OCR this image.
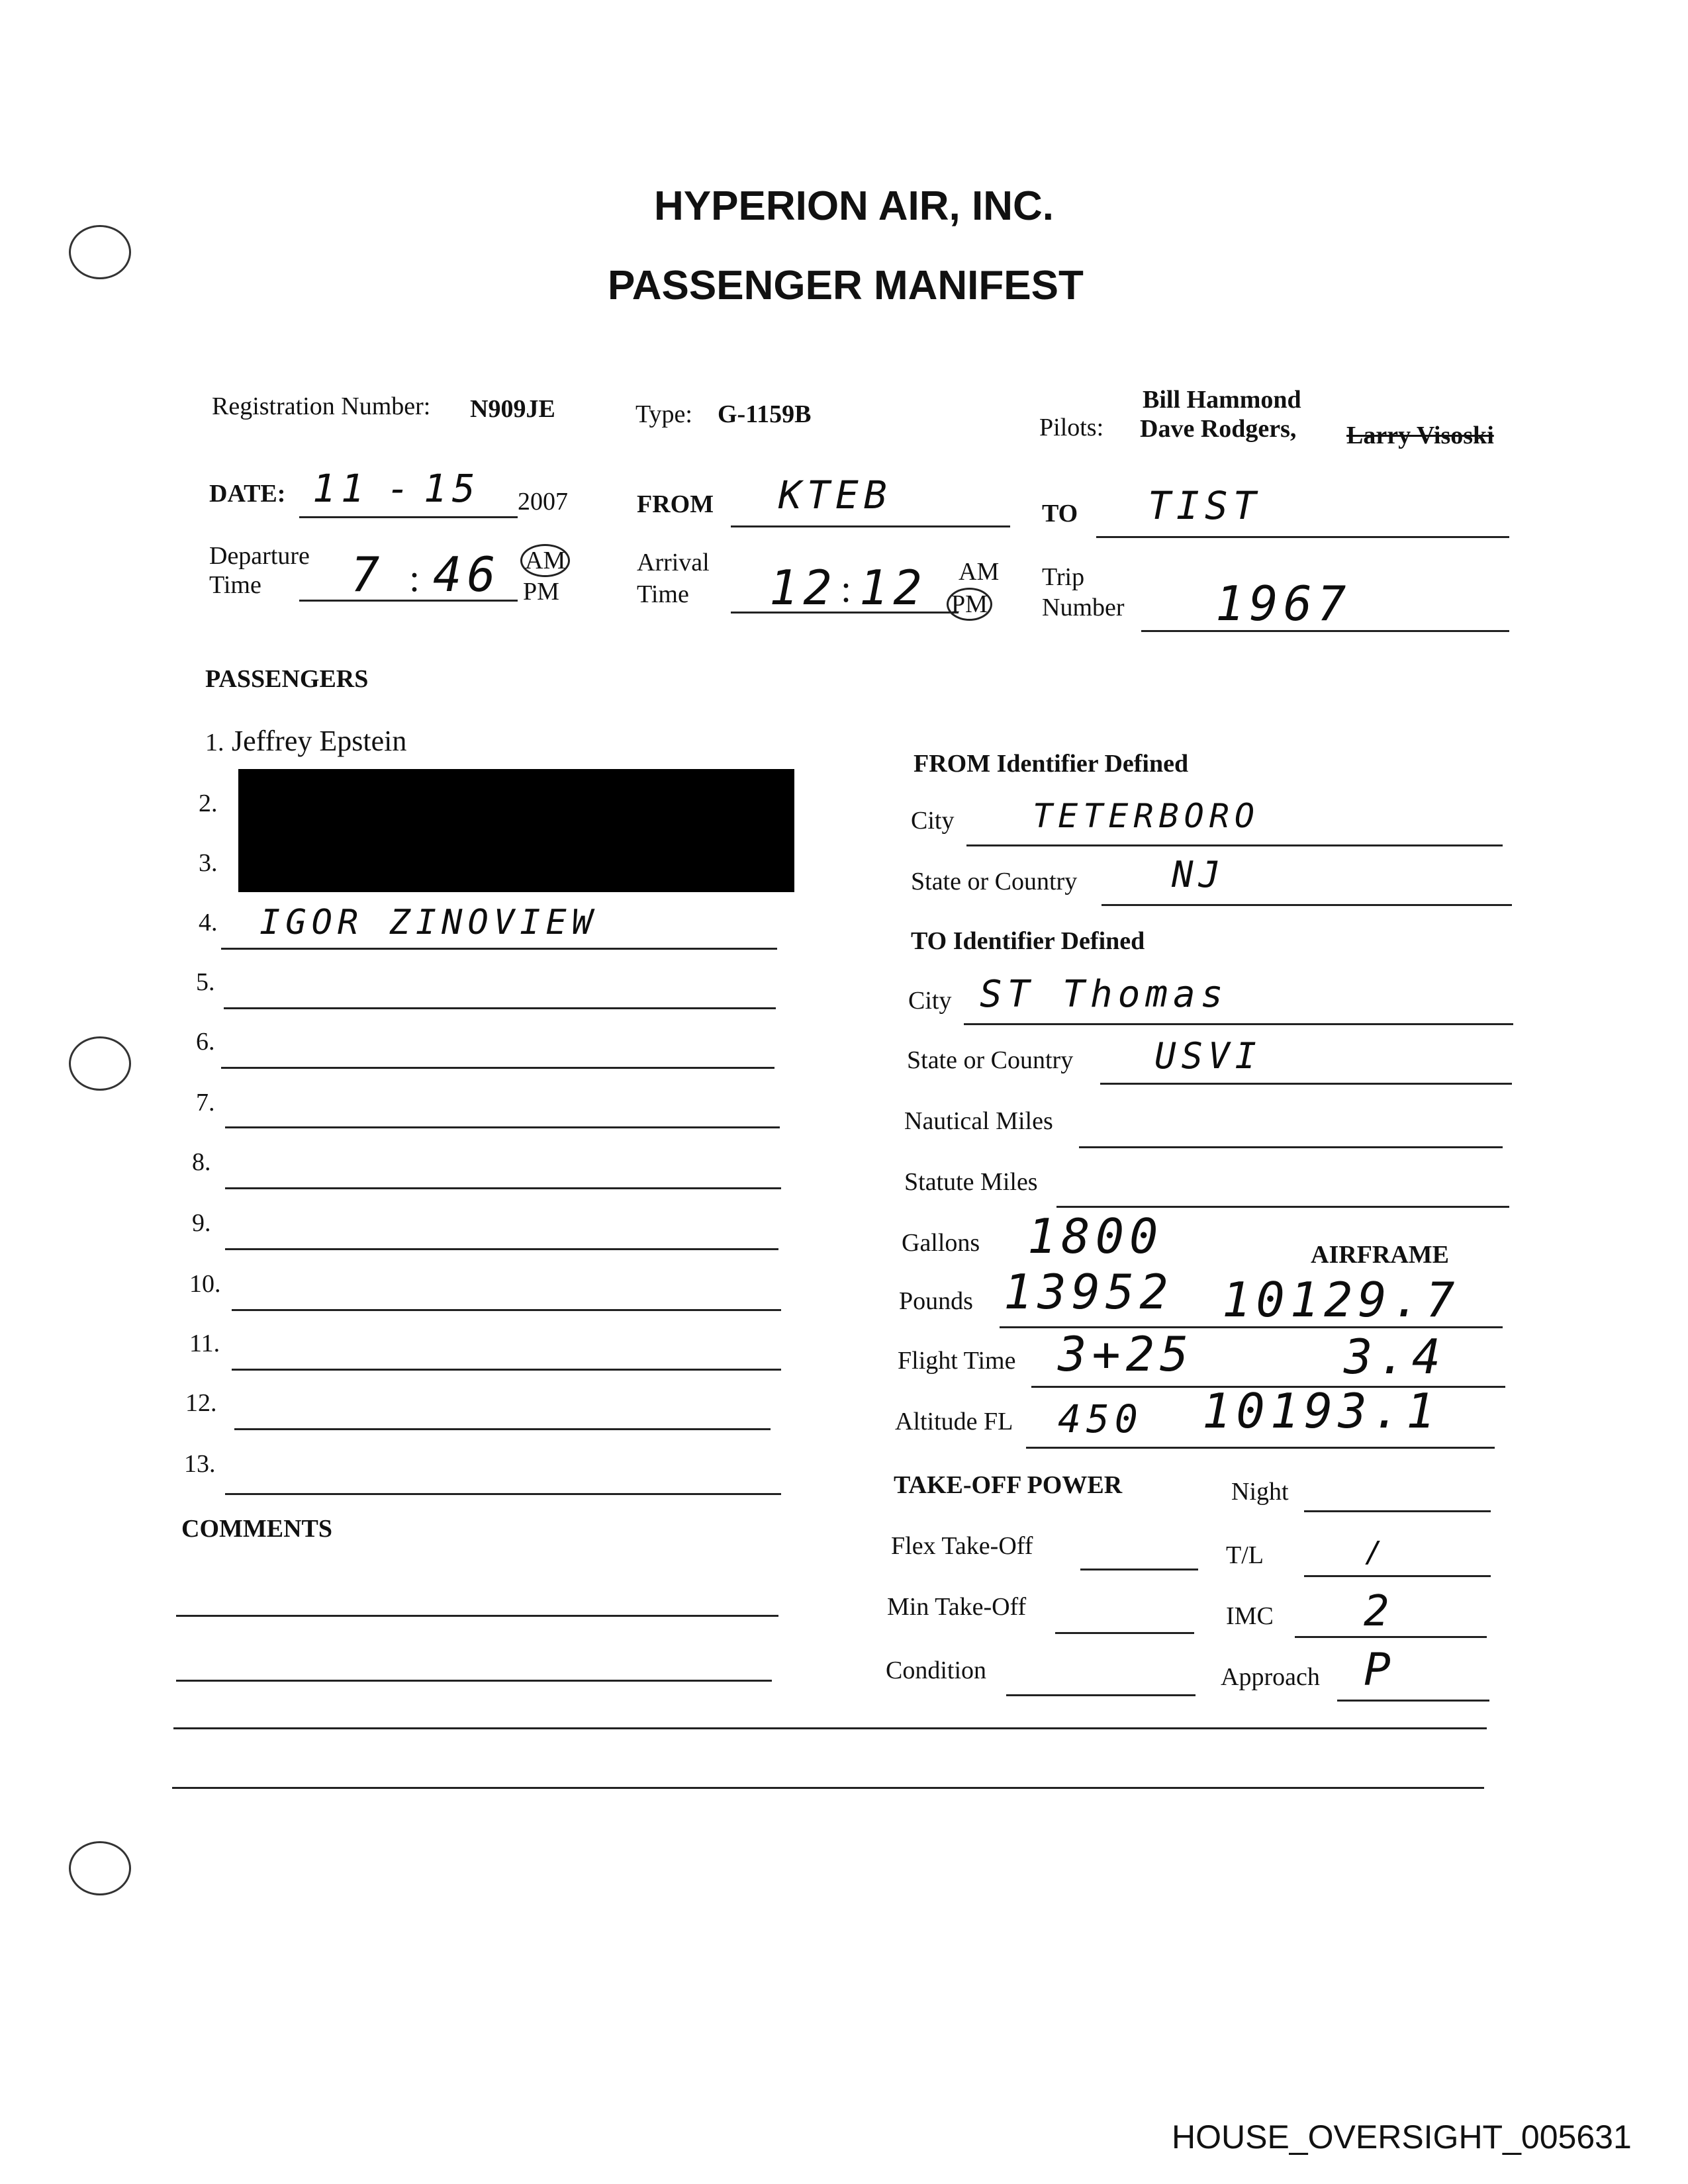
HYPERION AIR, INC.
PASSENGER MANIFEST
Registration Number: N909JE	Type: G-1159B
Bill Hammond
Pilots: Dave Rodgers, Larry Visoski
DATE: 11 - 15 2007	FROM KTEB	TO TIST
Departure
Time 7 : 46 AM
PM
Arrival
Time 12 : 12 AM
PM
Trip
Number 1967
PASSENGERS
1. Jeffrey Epstein
2.
3.
4. IGOR ZINOVIEW
5.
6.
7.
8.
9.
10.
11.
12.
13.
COMMENTS
FROM Identifier Defined
City TETERBORO
State or Country	NJ
TO Identifier Defined
City ST Thomas
State or Country USVI
Nautical Miles
Statute Miles
Gallons 1800	AIRFRAME
Pounds 13952 10129.7
Flight Time 3+25	3.4
Altitude FL 450 10193.1
TAKE-OFF POWER	Night
Flex Take-Off	T/L	/
Min Take-Off	IMC 2
Condition	Approach P
HOUSE_OVERSIGHT_005631
